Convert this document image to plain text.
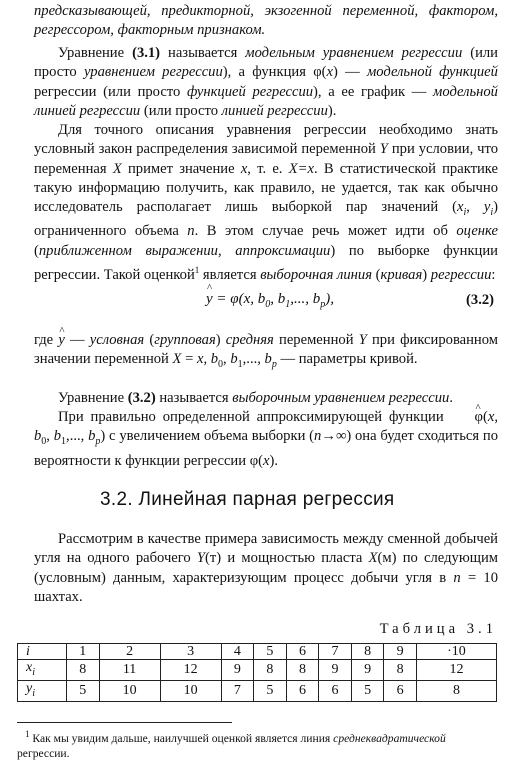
предсказывающей, предикторной, экзогенной переменной, фактором, регрессором, факторным признаком.

Уравнение (3.1) называется модельным уравнением регрессии (или просто уравнением регрессии), а функция φ(x) — модельной функцией регрессии (или просто функцией регрессии), а ее график — модельной линией регрессии (или просто линией регрессии).

Для точного описания уравнения регрессии необходимо знать условный закон распределения зависимой переменной Y при условии, что переменная X примет значение x, т. е. X=x. В статистической практике такую информацию получить, как правило, не удается, так как обычно исследователь располагает лишь выборкой пар значений ($x_i$, $y_i$) ограниченного объема n. В этом случае речь может идти об оценке (приближенном выражении, аппроксимации) по выборке функции регрессии. Такой оценкой$^1$ является выборочная линия (кривая) регрессии:

^ y = φ(x, $b_0$, $b_1$,..., $b_p$),	(3.2)

где ^ y — условная (групповая) средняя переменной Y при фиксированном значении переменной X = x, $b_0$, $b_1$,..., $b_p$ — параметры кривой.

Уравнение (3.2) называется выборочным уравнением регрессии.

При правильно определенной аппроксимирующей функции ^ φ(x, $b_0$, $b_1$,..., $b_p$) с увеличением объема выборки (n→∞) она будет сходиться по вероятности к функции регрессии φ(x).

3.2. Линейная парная регрессия

Рассмотрим в качестве примера зависимость между сменной добычей угля на одного рабочего Y(т) и мощностью пласта X(м) по следующим (условным) данным, характеризующим процесс добычи угля в n = 10 шахтах.

Таблица 3.1
i	1	2	3	4	5	6	7	8	9	·10
$x_i$	8	11	12	9	8	8	9	9	8	12
$y_i$	5	10	10	7	5	6	6	5	6	8

$^1$ Как мы увидим дальше, наилучшей оценкой является линия среднеквадратической регрессии.
